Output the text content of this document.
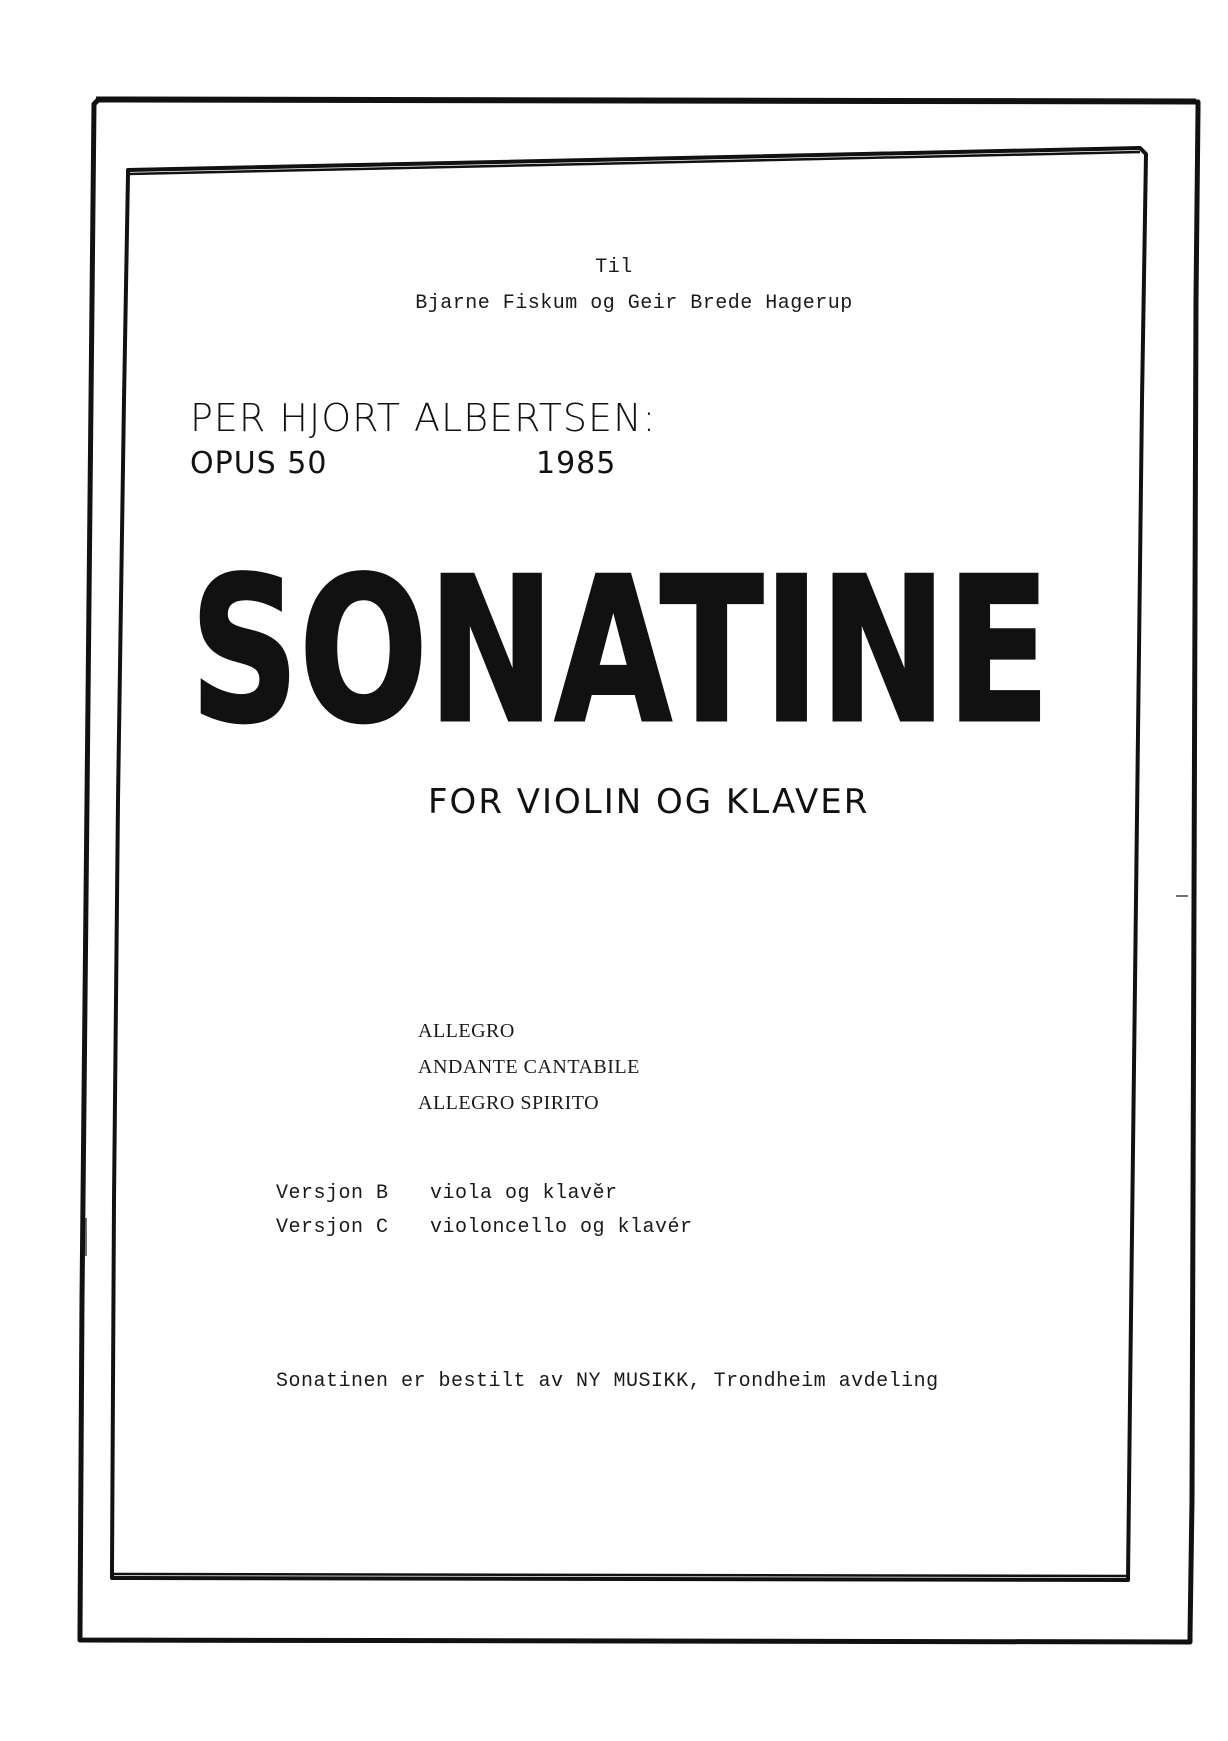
Til
Bjarne Fiskum og Geir Brede Hagerup
PER HJORT ALBERTSEN:
OPUS 50	1985
SONATINE
FOR VIOLIN OG KLAVER
ALLEGRO
ANDANTE CANTABILE
ALLEGRO SPIRITO
Versjon B viola og klavěr
Versjon C violoncello og klavér
Sonatinen er bestilt av NY MUSIKK, Trondheim avdeling
